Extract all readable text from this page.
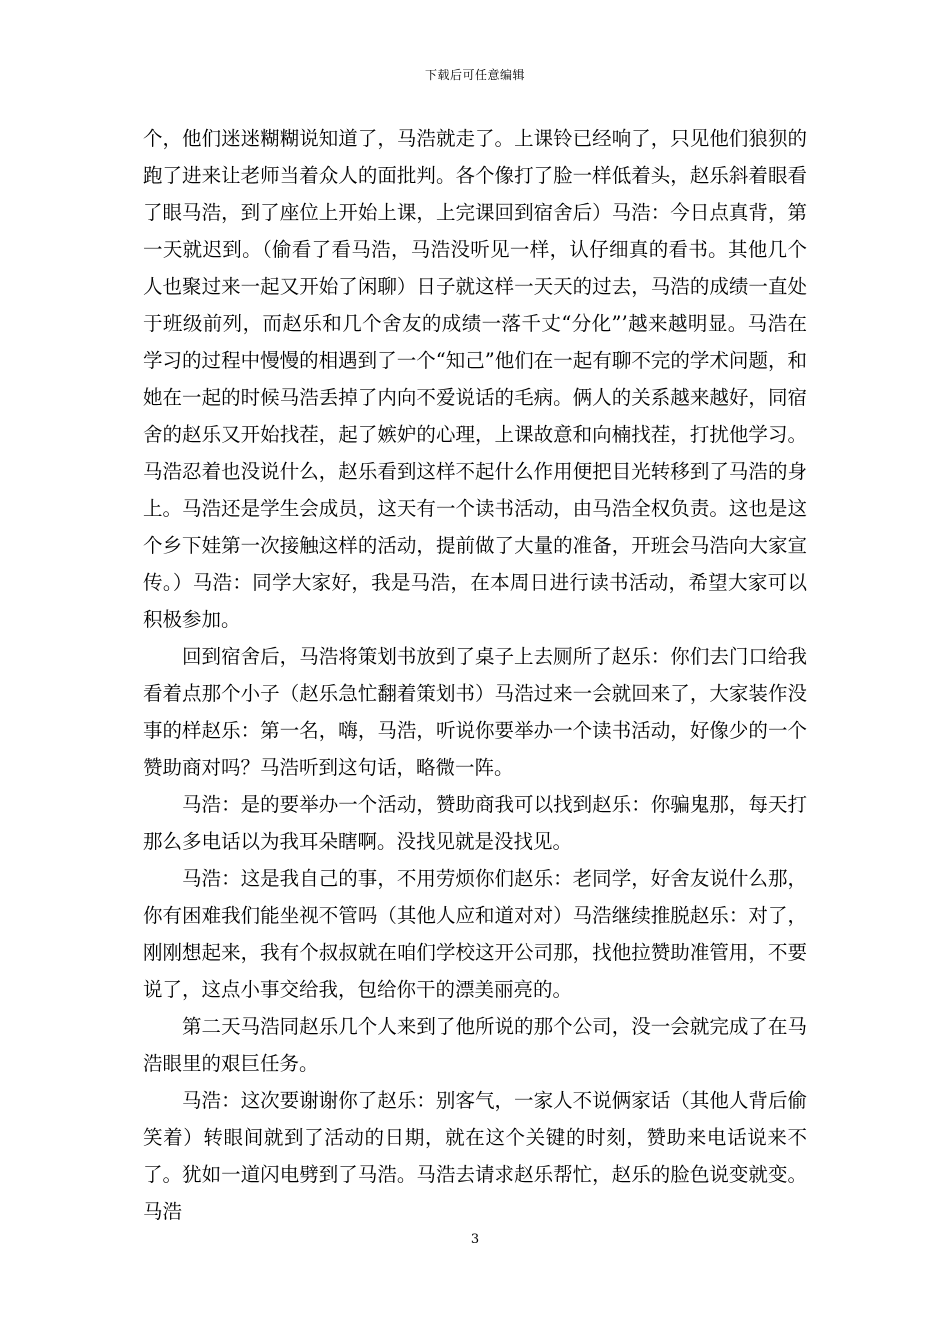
下载后可任意编辑

个，他们迷迷糊糊说知道了，马浩就走了。上课铃已经响了，只见他们狼狈的跑了进来让老师当着众人的面批判。各个像打了脸一样低着头，赵乐斜着眼看了眼马浩，到了座位上开始上课，上完课回到宿舍后）马浩：今日点真背，第一天就迟到。（偷看了看马浩，马浩没听见一样，认仔细真的看书。其他几个人也聚过来一起又开始了闲聊）日子就这样一天天的过去，马浩的成绩一直处于班级前列，而赵乐和几个舍友的成绩一落千丈“分化”’越来越明显。马浩在学习的过程中慢慢的相遇到了一个“知己”他们在一起有聊不完的学术问题，和她在一起的时候马浩丢掉了内向不爱说话的毛病。俩人的关系越来越好，同宿舍的赵乐又开始找茬，起了嫉妒的心理，上课故意和向楠找茬，打扰他学习。马浩忍着也没说什么，赵乐看到这样不起什么作用便把目光转移到了马浩的身上。马浩还是学生会成员，这天有一个读书活动，由马浩全权负责。这也是这个乡下娃第一次接触这样的活动，提前做了大量的准备，开班会马浩向大家宣传。）马浩：同学大家好，我是马浩，在本周日进行读书活动，希望大家可以积极参加。

回到宿舍后，马浩将策划书放到了桌子上去厕所了赵乐：你们去门口给我看着点那个小子（赵乐急忙翻着策划书）马浩过来一会就回来了，大家装作没事的样赵乐：第一名，嗨，马浩，听说你要举办一个读书活动，好像少的一个赞助商对吗？马浩听到这句话，略微一阵。

马浩：是的要举办一个活动，赞助商我可以找到赵乐：你骗鬼那，每天打那么多电话以为我耳朵瞎啊。没找见就是没找见。

马浩：这是我自己的事，不用劳烦你们赵乐：老同学，好舍友说什么那，你有困难我们能坐视不管吗（其他人应和道对对）马浩继续推脱赵乐：对了，刚刚想起来，我有个叔叔就在咱们学校这开公司那，找他拉赞助准管用，不要说了，这点小事交给我，包给你干的漂美丽亮的。

第二天马浩同赵乐几个人来到了他所说的那个公司，没一会就完成了在马浩眼里的艰巨任务。

马浩：这次要谢谢你了赵乐：别客气，一家人不说俩家话（其他人背后偷笑着）转眼间就到了活动的日期，就在这个关键的时刻，赞助来电话说来不了。犹如一道闪电劈到了马浩。马浩去请求赵乐帮忙，赵乐的脸色说变就变。马浩

3
